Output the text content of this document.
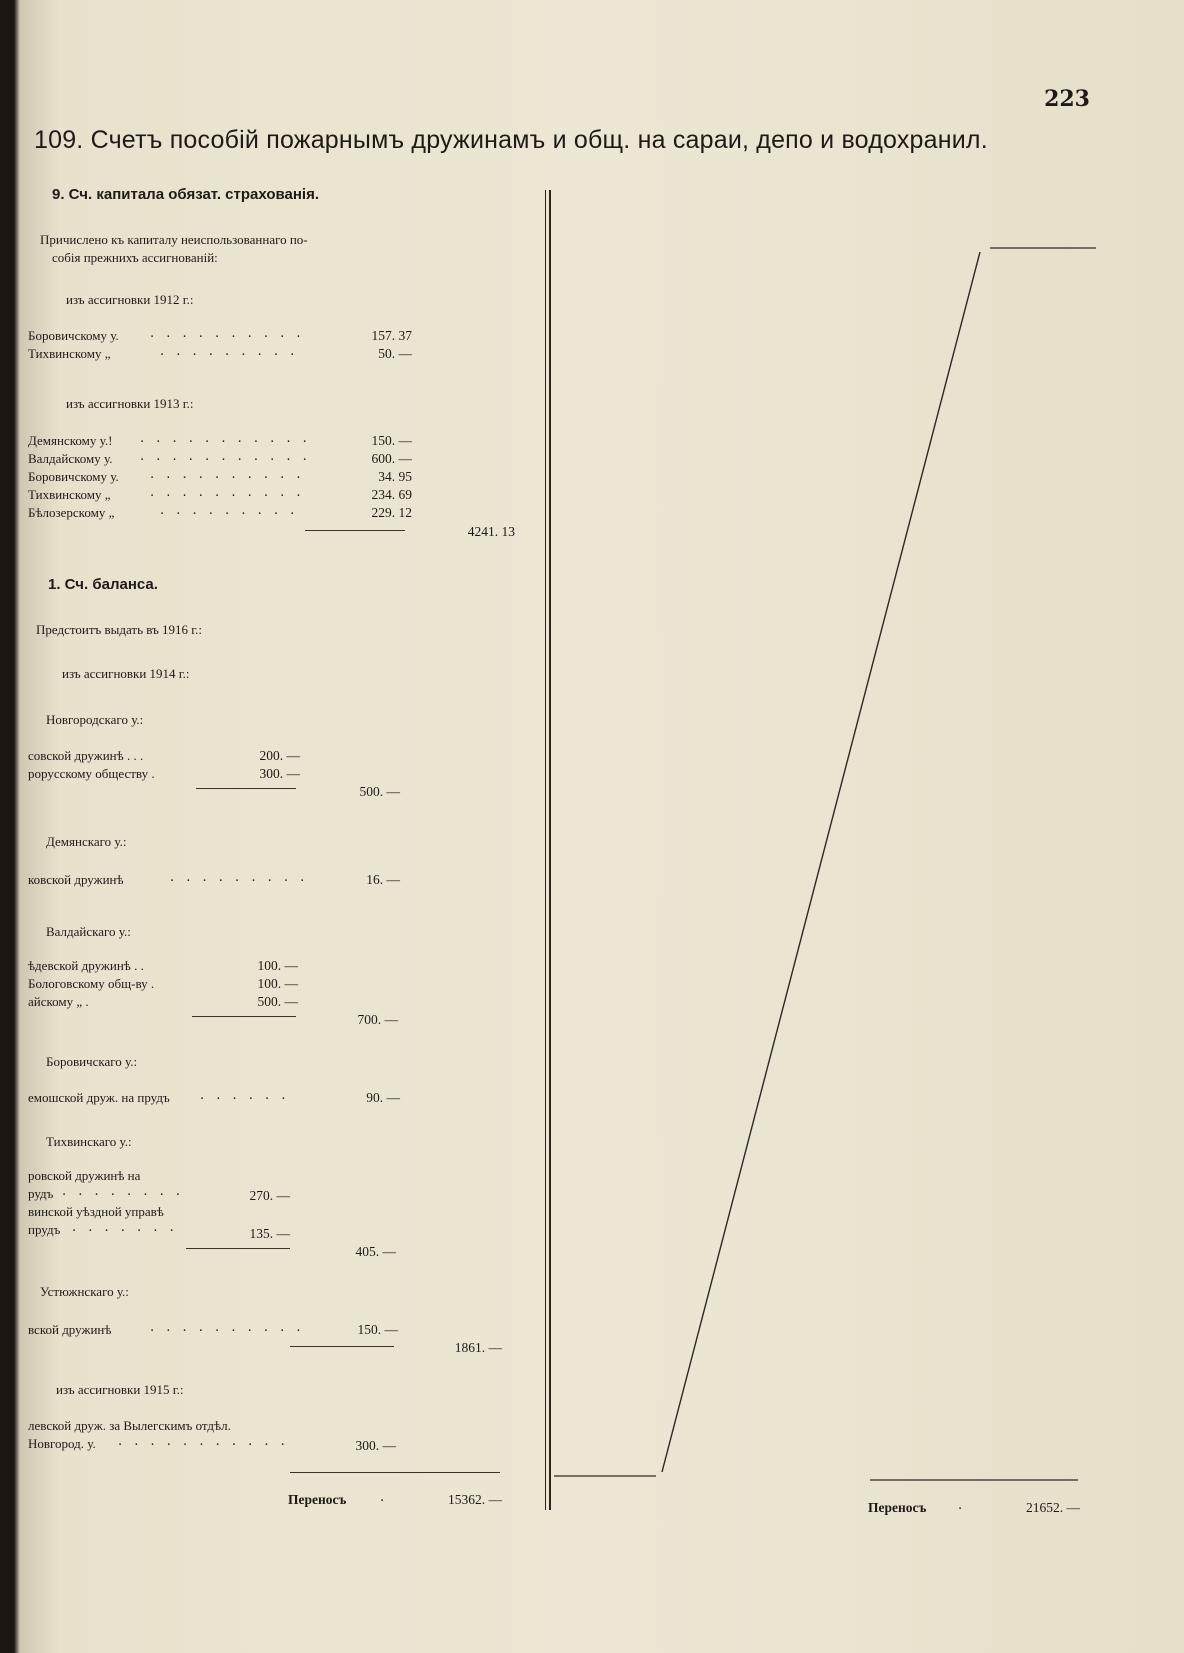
223
109. Счетъ пособій пожарнымъ дружинамъ и общ. на сараи, депо и водохранил.
9. Сч. капитала обязат. страхованія.
Причислено къ капиталу неиспользованнаго по-
собія прежнихъ ассигнованій:
изъ ассигновки 1912 г.:
Боровичскому у. . . . . . . . . . .	157. 37
Тихвинскому „	. . . . . . . . .	50. —
изъ ассигновки 1913 г.:
Демянскому у.! . . . . . . . . . . .	150. —
Валдайскому у. . . . . . . . . . . .	600. —
Боровичскому у. . . . . . . . . . .	34. 95
Тихвинскому „	. . . . . . . . . .	234. 69
Бѣлозерскому „	. . . . . . . . .	229. 12
4241. 13
1. Сч. баланса.
Предстоитъ выдать въ 1916 г.:
изъ ассигновки 1914 г.:
Новгородскаго у.:
совской дружинѣ . . .	200. —
рорусскому обществу .	300. —
500. —
Демянскаго у.:
ковской дружинѣ	. . . . . . . . .	16. —
Валдайскаго у.:
ѣдевской дружинѣ . .	100. —
Бологовскому общ-ву .	100. —
айскому „ .	500. —
700. —
Боровичскаго у.:
емошской друж. на прудъ . . . . . .	90. —
Тихвинскаго у.:
ровской дружинѣ на
рудъ . . . . . . . .	270. —
винской уѣздной управѣ
прудъ . . . . . . .	135. —
405. —
Устюжнскаго у.:
вской дружинѣ	. . . . . . . . . .	150. —
1861. —
изъ ассигновки 1915 г.:
левской друж. за Вылегскимъ отдѣл.
Новгород. у. . . . . . . . . . . .	300. —
Переносъ	.	15362. —
Переносъ .	21652. —
